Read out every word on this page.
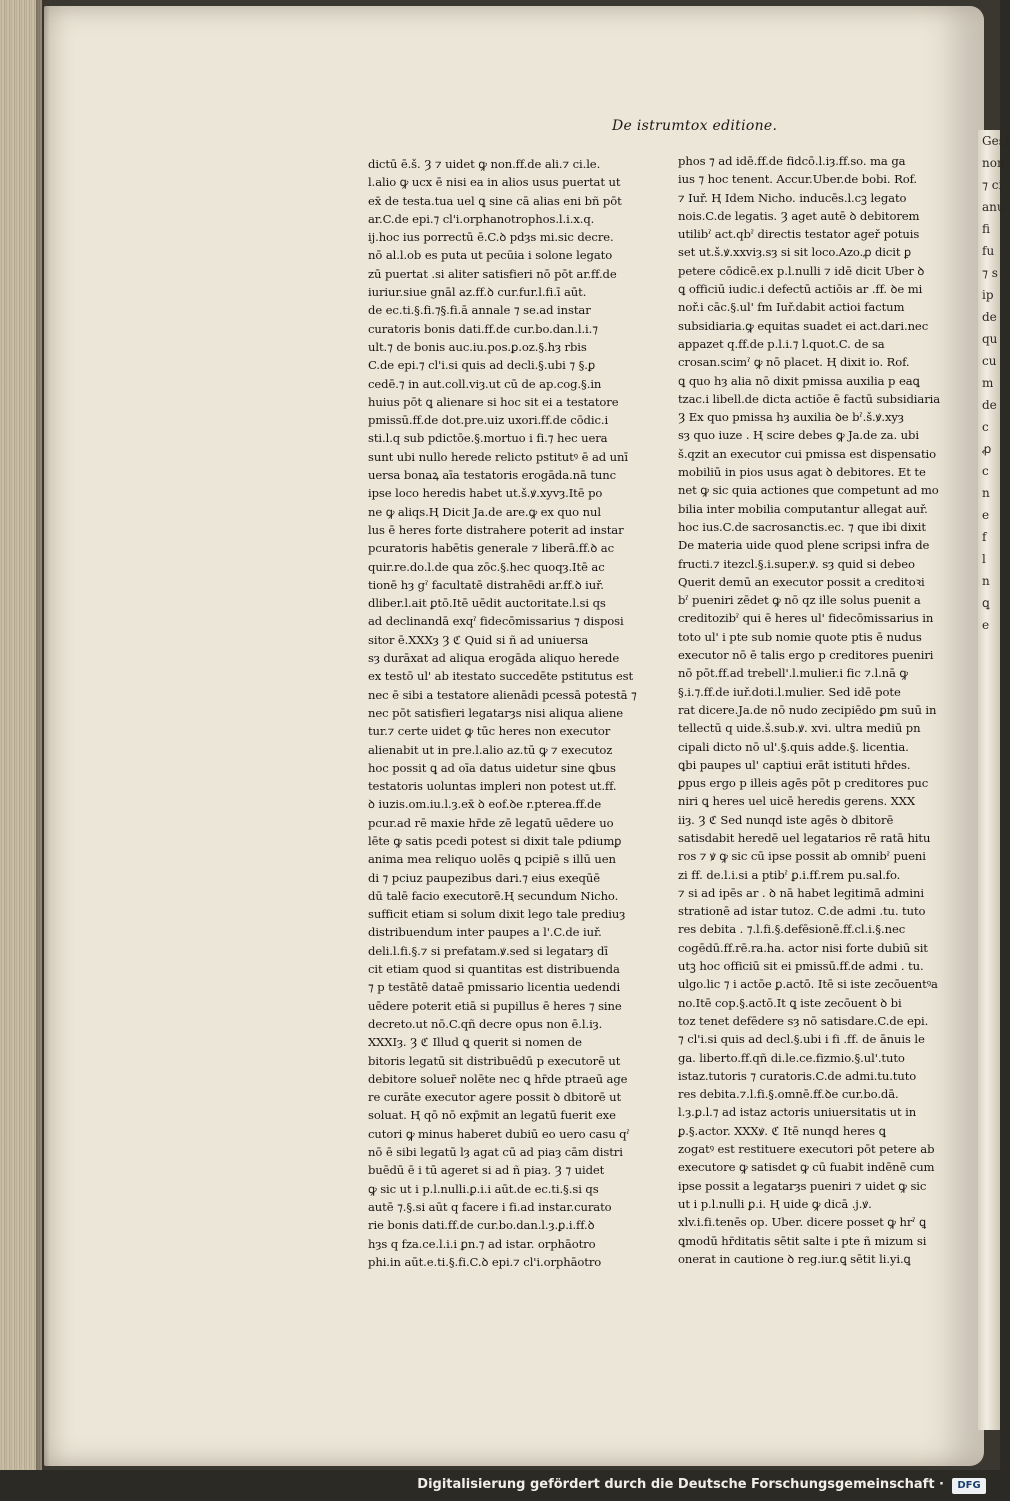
Gest
non
⁊ ci
anu
fi
fu
⁊ s
ip
de
qu
cu
m
de
c
ꝓ
c
n
e
f
l
n
ꝗ
e
De istrumtox editione.
dictū ē.š. Ȝ ⁊ uidet ꝙ non.ff.de ali.⁊ ci.le.
l.alio ꝙ ucx ē nisi ea in alios usus puertat ut
ex̄ de testa.tua uel ꝗ sine cā alias eni bñ pōt
ar.C.de epi.⁊ cl'i.orphanotrophos.l.i.x.q.
ij.hoc ius porrectū ē.C.ꝺ pdȝs mi.sic decre.
nō al.l.ob es puta ut pecūia i solone legato
zū puertat .si aliter satisfieri nō pōt ar.ff.de
iuriur.siue gnāl az.ff.ꝺ cur.fur.l.fi.ī aūt.
de ec.ti.§.fi.⁊§.fi.ā annale ⁊ se.ad instar
curatoris bonis dati.ff.de cur.bo.dan.l.i.⁊
ult.⁊ de bonis auc.iu.pos.ꝑ.oz.§.hȝ rbis
C.de epi.⁊ cl'i.si quis ad decli.§.ubi ⁊ §.ꝑ
cedē.⁊ in aut.coll.viȝ.ut cū de ap.cog.§.in
huius pōt ꝗ alienare si hoc sit ei a testatore
pmissū.ff.de dot.pre.uiz uxori.ff.de cōdic.i
sti.l.q sub pdictōe.§.mortuo i fi.⁊ hec uera
sunt ubi nullo herede relicto pstitutꝰ ē ad unī
uersa bonaꝝ aīa testatoris erogāda.nā tunc
ipse loco heredis habet ut.š.ꝟ.xyvȝ.Itē po
ne ꝙ aliqs.Ⱨ Dicit Ja.de are.ꝙ ex quo nul
lus ē heres forte distrahere poterit ad instar
pcuratoris habētis generale ⁊ liberā.ff.ꝺ ac
quir.re.do.l.de qua zōc.§.hec quoqȝ.Itē ac
tionē hȝ gˀ facultatē distrahēdi ar.ff.ꝺ iuř.
dliber.l.ait ꝑtō.Itē uēdit auctoritate.l.si qs
ad declinandā exqˀ fidecōmissarius ⁊ disposi
sitor ē.XXXȝ Ȝ ℭ Quid si ñ ad uniuersa
sȝ durāxat ad aliqua erogāda aliquo herede
ex testō ul' ab itestato succedēte pstitutus est
nec ē sibi a testatore alienādi pcessā potestā ⁊
nec pōt satisfieri legatarȝs nisi aliqua aliene
tur.⁊ certe uidet ꝙ tūc heres non executor
alienabit ut in pre.l.alio az.tū ꝙ ⁊ executoz
hoc possit ꝗ ad oīa datus uidetur sine ꝗbus
testatoris uoluntas impleri non potest ut.ff.
ꝺ iuzis.om.iu.l.ȝ.ex̄ ꝺ eof.ꝺe r.pterea.ff.de
pcur.ad rē maxie hr̄de zē legatū uēdere uo
lēte ꝙ satis pcedi potest si dixit tale pdiumꝑ
anima mea reliquo uolēs ꝗ pcipiē s illū uen
di ⁊ pciuz paupezibus dari.⁊ eius exeqūē
dū talē facio executorē.Ⱨ secundum Nicho.
sufficit etiam si solum dixit lego tale prediuȝ
distribuendum inter paupes a l'.C.de iuř.
deli.l.fi.§.⁊ si prefatam.ꝟ.sed si legatarȝ dī
cit etiam quod si quantitas est distribuenda
⁊ p testātē dataē pmissario licentia uedendi
uēdere poterit etiā si pupillus ē heres ⁊ sine
decreto.ut nō.C.qñ decre opus non ē.l.iȝ.
XXXIȝ. Ȝ ℭ Illud ꝗ querit si nomen de
bitoris legatū sit distribuēdū p executorē ut
debitore soluer̄ nolēte nec ꝗ hr̄de ptraeū age
re curāte executor agere possit ꝺ dbitorē ut
soluat. Ⱨ qō nō exp̄mit an legatū fuerit exe
cutori ꝙ minus haberet dubiū eo uero casu qˀ
nō ē sibi legatū lȝ agat cū ad piaȝ cām distri
buēdū ē i tū ageret si ad ñ piaȝ. Ȝ ⁊ uidet
ꝙ sic ut i p.l.nulli.ꝑ.i.i aūt.de ec.ti.§.si qs
autē ⁊.§.si aūt q facere i fi.ad instar.curato
rie bonis dati.ff.de cur.bo.dan.l.ȝ.ꝑ.i.ff.ꝺ
hȝs q fza.ce.l.i.i ꝑn.⁊ ad istar. orphāotro
phi.in aūt.e.ti.§.fi.C.ꝺ epi.⁊ cl'i.orphāotro
phos ⁊ ad idē.ff.de fidcō.l.iȝ.ff.so. ma ga
ius ⁊ hoc tenent. Accur.Uber.de bobi. Rof.
⁊ Iuř. Ⱨ Idem Nicho. inducēs.l.cꝫ legato
nois.C.de legatis. Ȝ aget autē ꝺ debitorem
utilibˀ act.qbˀ directis testator ageř potuis
set ut.š.ꝟ.xxviȝ.sȝ si sit loco.Azo.ꝓ dicit ꝑ
petere cōdicē.ex p.l.nulli ⁊ idē dicit Uber ꝺ
ꝗ officiū iudic.i defectū actiōis ar .ff. ꝺe mi
noř.i cāc.§.ul' fm Iuř.dabit actioi factum
subsidiaria.ꝙ equitas suadet ei act.dari.nec
appazet q.ff.de p.l.i.⁊ l.quot.C. de sa
crosan.scimˀ ꝙ nō placet. Ⱨ dixit io. Rof.
ꝗ quo hȝ alia nō dixit pmissa auxilia p eaꝗ
tzac.i libell.de dicta actiōe ē factū subsidiaria
Ȝ Ex quo pmissa hȝ auxilia ꝺe bˀ.š.ꝟ.xyȝ
sȝ quo iuze . Ⱨ scire debes ꝙ Ja.de za. ubi
š.qzit an executor cui pmissa est dispensatio
mobiliū in pios usus agat ꝺ debitores. Et te
net ꝙ sic quia actiones que competunt ad mo
bilia inter mobilia computantur allegat auř.
hoc ius.C.de sacrosanctis.ec. ⁊ que ibi dixit
De materia uide quod plene scripsi infra de
fructi.⁊ itezcl.§.i.super.ꝟ. sȝ quid si debeo
Querit demū an executor possit a creditoꝛi
bˀ pueniri zēdet ꝙ nō qz ille solus puenit a
creditozibˀ qui ē heres ul' fidecōmissarius in
toto ul' i pte sub nomie quote ptis ē nudus
executor nō ē talis ergo p creditores pueniri
nō pōt.ff.ad trebell'.l.mulier.i fic ⁊.l.nā ꝙ
§.i.⁊.ff.de iuř.doti.l.mulier. Sed idē pote
rat dicere.Ja.de nō nudo zecipiēdo ꝑm suū in
tellectū q uide.š.sub.ꝟ. xvi. ultra mediū pn
cipali dicto nō ul'.§.quis adde.§. licentia.
ꝗbi paupes ul' captiui erāt istituti hr̄des.
ꝑpus ergo p illeis agēs pōt p creditores puc
niri ꝗ heres uel uicē heredis gerens. XXX
iiȝ. Ȝ ℭ Sed nunqd iste agēs ꝺ dbitorē
satisdabit heredē uel legatarios rē ratā hitu
ros ⁊ ꝟ ꝙ sic cū ipse possit ab omnibˀ pueni
zi ff. de.l.i.si a ptibˀ ꝑ.i.ff.rem pu.sal.fo.
⁊ si ad ipēs ar . ꝺ nā habet legitimā admini
strationē ad istar tutoz. C.de admi .tu. tuto
res debita . ⁊.l.fi.§.defēsionē.ff.cl.i.§.nec
cogēdū.ff.rē.ra.ha. actor nisi forte dubiū sit
utꝫ hoc officiū sit ei pmissū.ff.de admi . tu.
ulgo.lic ⁊ i actōe ꝑ.actō. Itē si iste zecōuentꝰa
no.Itē cop.§.actō.It ꝗ iste zecōuent ꝺ bi
toz tenet defēdere sȝ nō satisdare.C.de epi.
⁊ cl'i.si quis ad decl.§.ubi i fi .ff. de ānuis le
ga. liberto.ff.qñ di.le.ce.fizmio.§.ul'.tuto
istaz.tutoris ⁊ curatoris.C.de admi.tu.tuto
res debita.⁊.l.fi.§.omnē.ff.ꝺe cur.bo.dā.
l.ȝ.ꝑ.l.⁊ ad istaz actoris uniuersitatis ut in
ꝑ.§.actor. XXXꝟ. ℭ Itē nunqd heres ꝗ
zogatꝰ est restituere executori pōt petere ab
executore ꝙ satisdet ꝙ cū fuabit indēnē cum
ipse possit a legatarȝs pueniri ⁊ uidet ꝙ sic
ut i p.l.nulli ꝑ.i. Ⱨ uide ꝙ dicā .j.ꝟ.
xlv.i.fi.tenēs op. Uber. dicere posset ꝙ hrˀ ꝗ
ꝗmodū hr̄ditatis sētit salte i pte ñ mizum si
onerat in cautione ꝺ reg.iur.ꝗ sētit li.yi.ꝗ
Digitalisierung gefördert durch die Deutsche Forschungsgemeinschaft ·	DFG
